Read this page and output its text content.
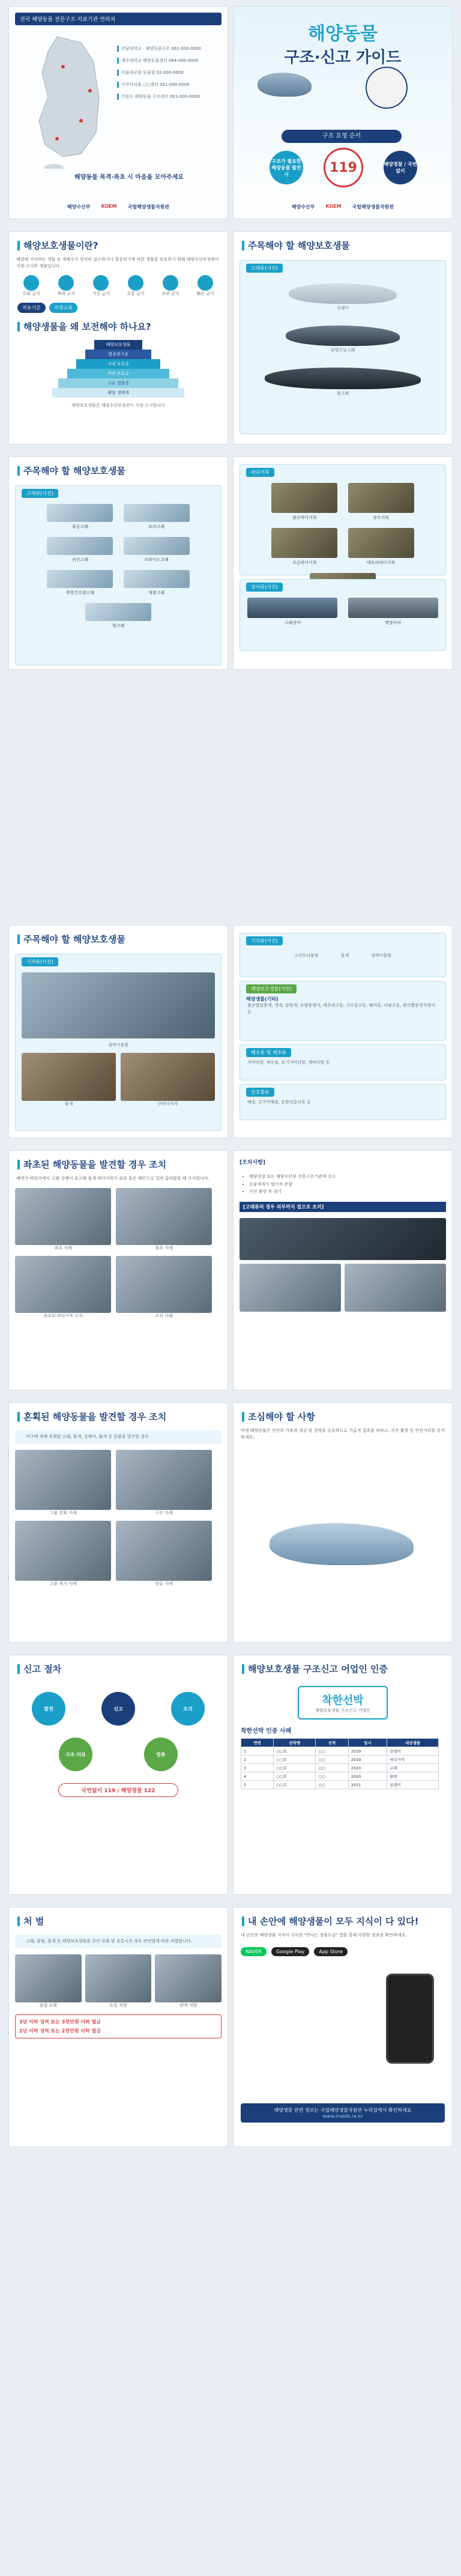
전국 해양동물 전문구조·치료기관 연락처
전남대학교 · 해양동물구조 061-000-0000
제주대학교 해양동물센터 064-000-0000
서울대공원 동물원 02-000-0000
아쿠아리움 ○○센터 051-000-0000
거문도 해양동물 구조센터 061-000-0000
해양동물 목격·좌초 시 마음을 모아주세요
해양수산부 KOEM 국립해양생물자원관
해양동물
구조·신고 가이드
구조 요청 순서
구조가 필요한 해양동물 발견 시	119	해양경찰 / 국번없이
해양수산부 KOEM 국립해양생물자원관
해양보호생물이란?

해양에 서식하는 생물 중 개체수가 현저히 감소하거나 멸종위기에 처한 생물을 보호하기 위해 해양수산부장관이 지정·고시한 생물입니다.

포획 금지	채취 금지	가공 금지	유통 금지	보관 금지	훼손 금지
적용기준	지정교육
해양생물을 왜 보전해야 하나요?
해양보호생물
멸종위기종
국내 보호종
희귀 보호종
고유 생물종
해양 생태계
해양보호생물은 해양수산부장관이 지정·고시합니다
주목해야 할 해양보호생물
고래류(사진)
상괭이
남방큰돌고래
참고래
주목해야 할 해양보호생물
고래류(사진)
혹등고래
	보리고래

귀신고래
	브라이드고래

북방긴수염고래
	대왕고래

향고래
바다거북
붉은바다거북
	장수거북

푸른바다거북
	매부리바다거북

상어류(사진)
고래상어
	백상아리
주목해야 할 해양보호생물
기각류(사진)
점박이물범
물개	큰바다사자
기각류(사진)
고리무늬물범	물개	점박이물범
해양보호생물(사진)
해양생물(기타)

붉은발말똥게, 갯게, 달랑게, 수염풍뎅이, 대추귀고둥, 기수갈고둥, 해마류, 나팔고둥, 흰이빨참갯지렁이 등

해조류 및 해초류

거머리말, 새우말, 포기거머리말, 게바다말 등

산호충류

해송, 긴가지해송, 둔한진총산호 등

좌초된 해양동물을 발견할 경우 조치

해변가 바닷가에서 고래 상괭이 돌고래 물개 바다거북이 좌초 혹은 해안으로 밀려 올라왔을 때 조치합니다.

좌초 사례	좌초 사례
좌초된 바다거북 조치	조치 사례
[조치사항]
• 해양경찰 또는 해양수산부 전문구조기관에 신고
• 동물에게서 떨어져 관찰
• 사진 촬영 후 대기
[고래류의 경우 외부까지 접으로 조치]
혼획된 해양동물을 발견할 경우 조치

어구에 의해 혼획된 고래, 물개, 상괭이, 물개 등 동물을 발견할 경우

그물 혼획 사례	구조 사례
그물 제거 사례	방류 사례
조심해야 할 사항

야생 해양동물은 인간의 가축과 세균 및 질병을 공유하므로 가급적 접촉을 피하고, 사진 촬영 등 안전거리를 유지하세요.

신고 절차
발견	신고	조치
구조·치료	방류
국번없이 119 / 해양경찰 122
해양보호생물 구조신고 어업인 인증
착한선박
해양보호생물 구조신고 어업인
착한선박 인증 사례
연번	선박명	선적	일시	대상생물
1	○○호	○○	2019	상괭이
2	○○호	○○	2019	바다거북
3	○○호	○○	2020	고래
4	○○호	○○	2020	물범
5	○○호	○○	2021	상괭이
처 벌

고래, 물범, 물개 등 해양보호생물을 무단 포획 및 유통시킨 경우 관련법에 따라 처벌합니다.

불법 포획	유통 적발	판매 적발
3년 이하 징역 또는 3천만원 이하 벌금
2년 이하 징역 또는 2천만원 이하 벌금
내 손안에 해양생물이 모두 지식이 다 있다!

내 손안의 해양생물 지식이 가득한 "만나는 생물도감" 앱을 통해 다양한 정보를 확인하세요.

NAVER	Google Play	App Store
해양생물 관련 정보는 국립해양생물자원관 누리집에서 확인하세요
www.mabik.re.kr
